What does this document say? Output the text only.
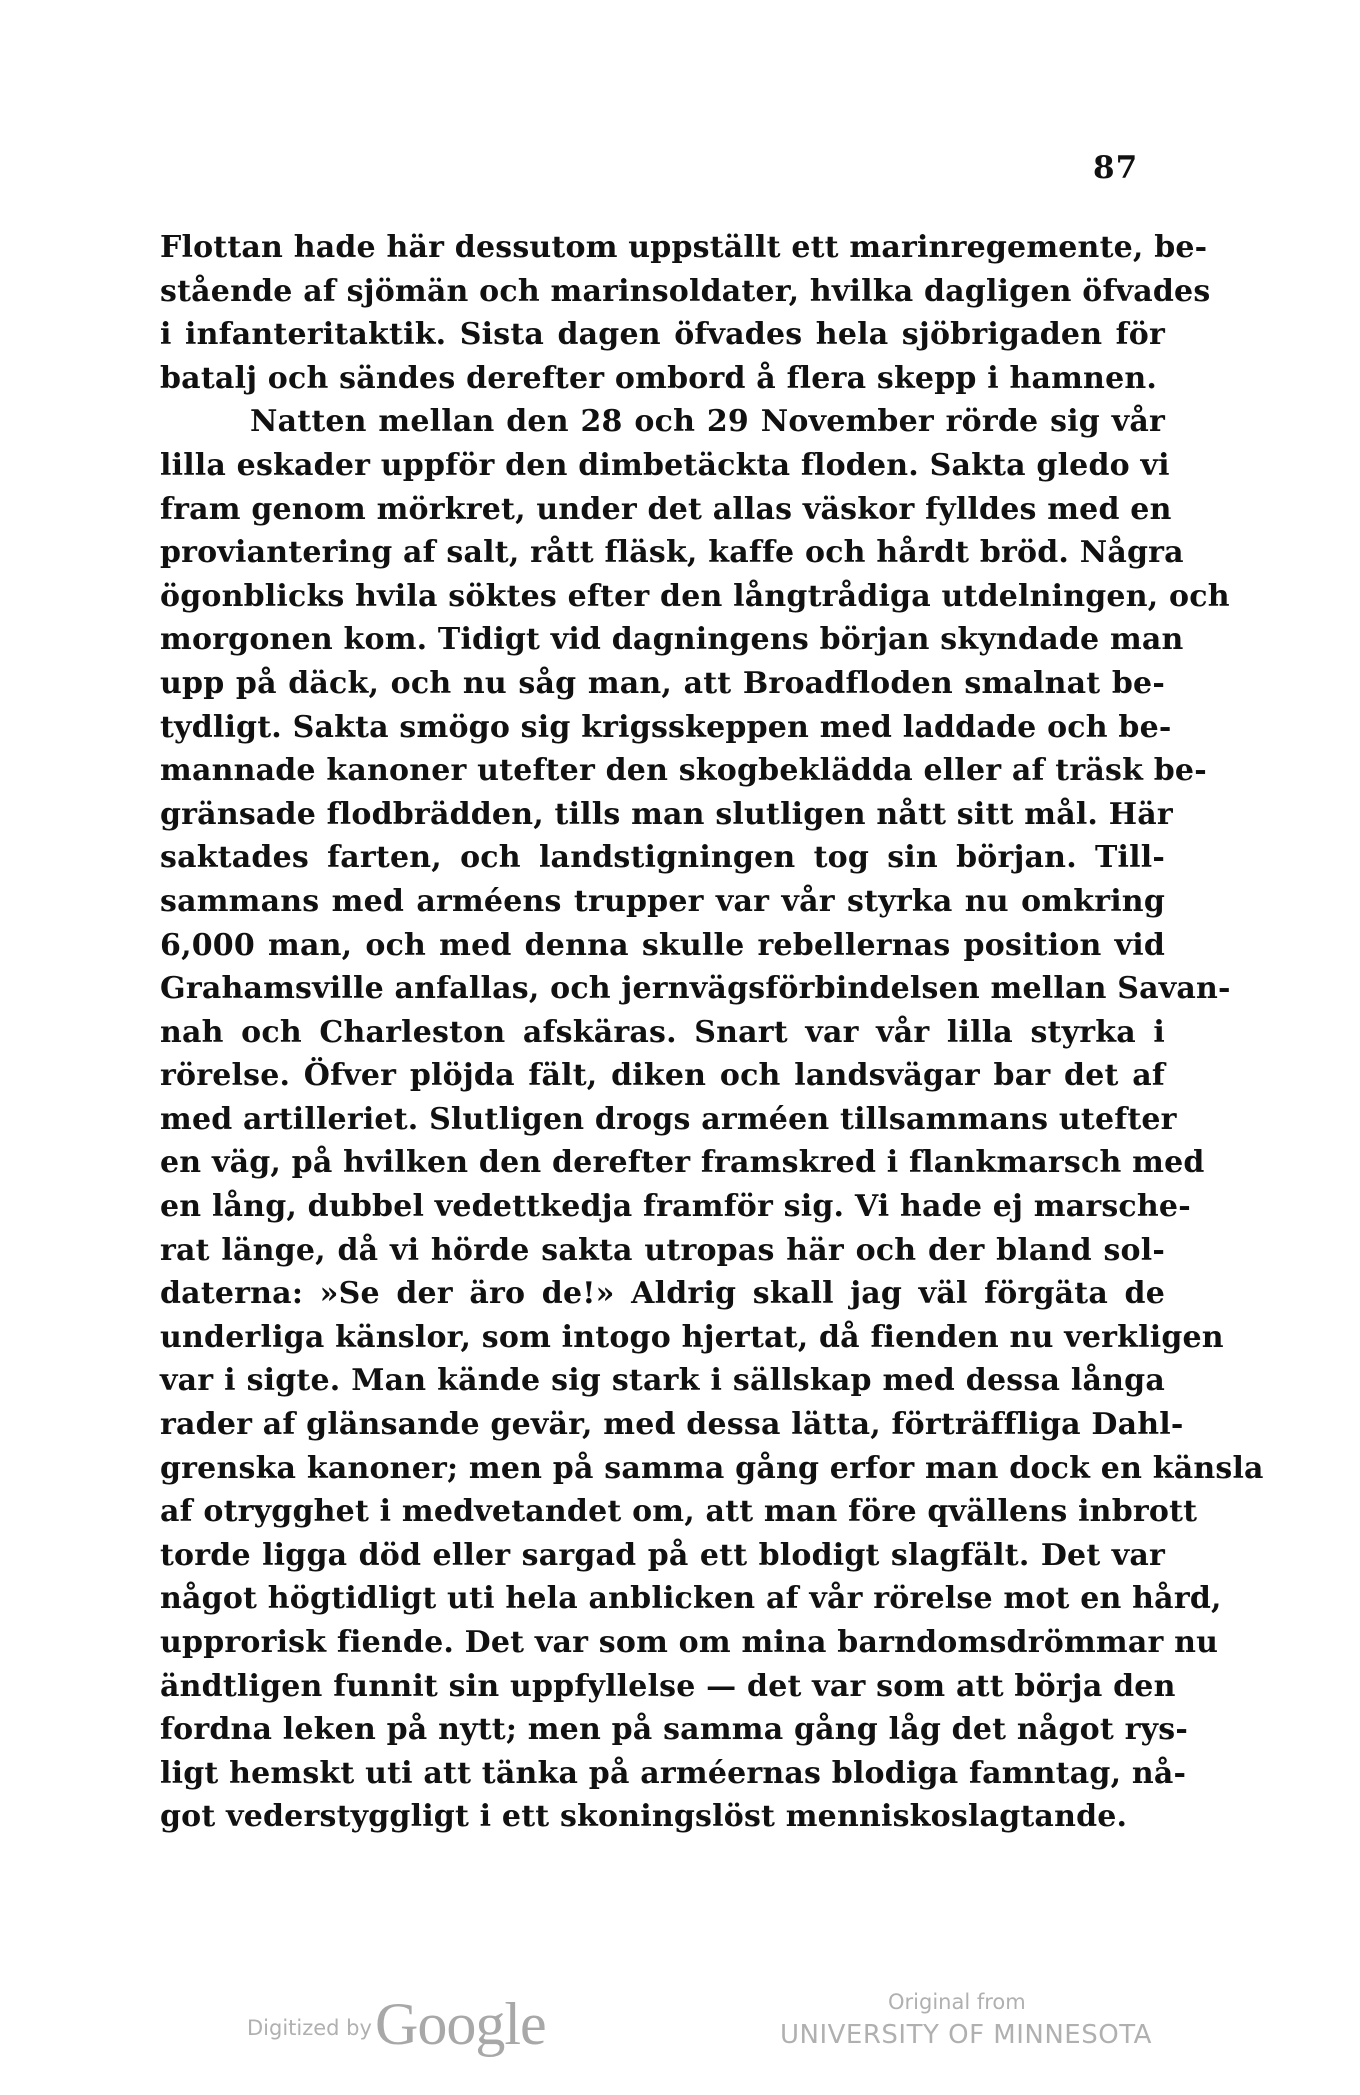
87
Flottan hade här dessutom uppställt ett marinregemente, be-
stående af sjömän och marinsoldater, hvilka dagligen öfvades
i infanteritaktik. Sista dagen öfvades hela sjöbrigaden för
batalj och sändes derefter ombord å flera skepp i hamnen.
Natten mellan den 28 och 29 November rörde sig vår
lilla eskader uppför den dimbetäckta floden. Sakta gledo vi
fram genom mörkret, under det allas väskor fylldes med en
proviantering af salt, rått fläsk, kaffe och hårdt bröd. Några
ögonblicks hvila söktes efter den långtrådiga utdelningen, och
morgonen kom. Tidigt vid dagningens början skyndade man
upp på däck, och nu såg man, att Broadfloden smalnat be-
tydligt. Sakta smögo sig krigsskeppen med laddade och be-
mannade kanoner utefter den skogbeklädda eller af träsk be-
gränsade flodbrädden, tills man slutligen nått sitt mål. Här
saktades farten, och landstigningen tog sin början. Till-
sammans med arméens trupper var vår styrka nu omkring
6,000 man, och med denna skulle rebellernas position vid
Grahamsville anfallas, och jernvägsförbindelsen mellan Savan-
nah och Charleston afskäras. Snart var vår lilla styrka i
rörelse. Öfver plöjda fält, diken och landsvägar bar det af
med artilleriet. Slutligen drogs arméen tillsammans utefter
en väg, på hvilken den derefter framskred i flankmarsch med
en lång, dubbel vedettkedja framför sig. Vi hade ej marsche-
rat länge, då vi hörde sakta utropas här och der bland sol-
daterna: »Se der äro de!» Aldrig skall jag väl förgäta de
underliga känslor, som intogo hjertat, då fienden nu verkligen
var i sigte. Man kände sig stark i sällskap med dessa långa
rader af glänsande gevär, med dessa lätta, förträffliga Dahl-
grenska kanoner; men på samma gång erfor man dock en känsla
af otrygghet i medvetandet om, att man före qvällens inbrott
torde ligga död eller sargad på ett blodigt slagfält. Det var
något högtidligt uti hela anblicken af vår rörelse mot en hård,
upprorisk fiende. Det var som om mina barndomsdrömmar nu
ändtligen funnit sin uppfyllelse — det var som att börja den
fordna leken på nytt; men på samma gång låg det något rys-
ligt hemskt uti att tänka på arméernas blodiga famntag, nå-
got vederstyggligt i ett skoningslöst menniskoslagtande.
Digitized by Google	Original from
UNIVERSITY OF MINNESOTA
